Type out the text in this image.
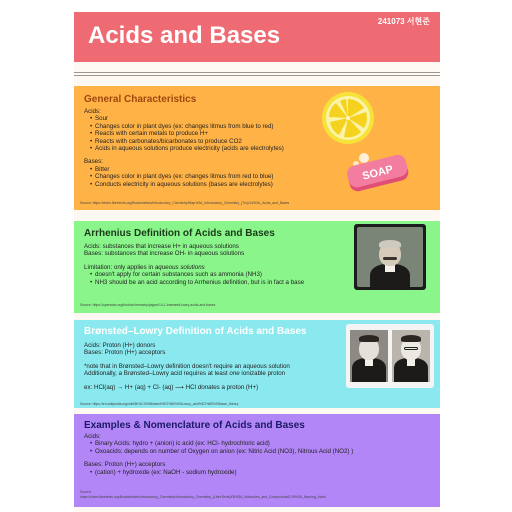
Acids and Bases
241073 서현준
General Characteristics
Acids:
• Sour
• Changes color in plant dyes (ex: changes litmus from blue to red)
• Reacts with certain metals to produce H+
• Reacts with carbonates/bicarbonates to produce CO2
• Acids in aqueous solutions produce electricity (acids are electrolytes)
Bases:
• Bitter
• Changes color in plant dyes (ex: changes litmus from red to blue)
• Conducts electricity in aqueous solutions (bases are electrolytes)
SOAP
Source: https://chem.libretexts.org/Bookshelves/Introductory_Chemistry/Map%3A_Introductory_Chemistry_(Tro)/14%3A_Acids_and_Bases
Arrhenius Definition of Acids and Bases
Acids: substances that increase H+ in aqueous solutions
Bases: substances that increase OH- in aqueous solutions
Limitation: only applies in aqueous solutions
• doesn't apply for certain substances such as ammonia (NH3)
• NH3 should be an acid according to Arrhenius definition, but is in fact a base
Source: https://openstax.org/books/chemistry/pages/14-1-brønsted-lowry-acids-and-bases
Brønsted–Lowry Definition of Acids and Bases
Acids: Proton (H+) donors
Bases: Proton (H+) acceptors
*note that in Brønsted–Lowry definition doesn't require an aqueous solution
Additionally, a Brønsted–Lowry acid requires at least one ionizable proton
ex: HCl(aq) → H+ (aq) + Cl- (aq) ⟶ HCl donates a proton (H+)
Source: https://en.wikipedia.org/wiki/Br%C3%B8nsted%E2%80%93Lowry_acid%E2%80%93base_theory
Examples & Nomenclature of Acids and Bases
Acids:
• Binary Acids: hydro + (anion) ic acid (ex: HCl- hydrochloric acid)
• Oxoacids: depends on number of Oxygen on anion (ex: Nitric Acid (NO3), Nitrous Acid (NO2) )
Bases: Proton (H+) acceptors
• (cation) + hydroxide (ex: NaOH - sodium hydroxide)
Source:
https://chem.libretexts.org/Bookshelves/Introductory_Chemistry/Introductory_Chemistry_(LibreTexts)/05%3A_Molecules_and_Compounds/5.09%3A_Naming_Acids
